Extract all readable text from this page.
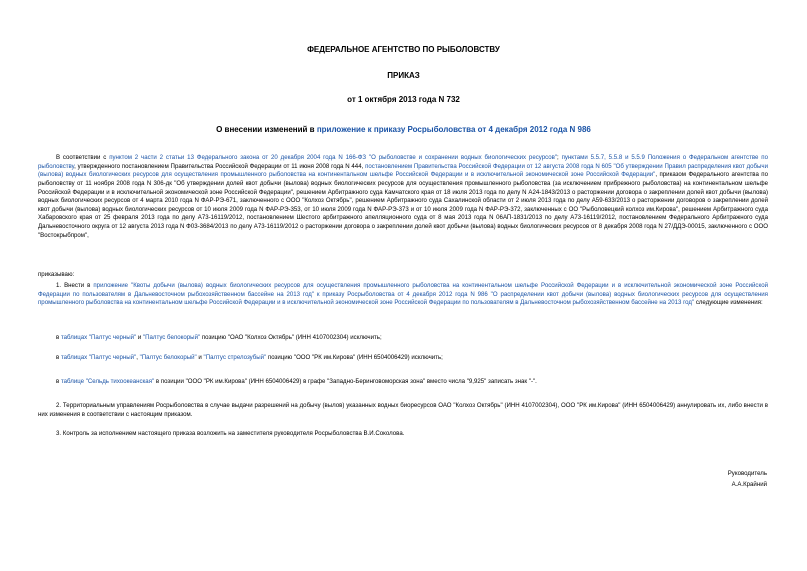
ФЕДЕРАЛЬНОЕ АГЕНТСТВО ПО РЫБОЛОВСТВУ
ПРИКАЗ
от 1 октября 2013 года N 732
О внесении изменений в приложение к приказу Росрыболовства от 4 декабря 2012 года N 986

В соответствии с пунктом 2 части 2 статьи 13 Федерального закона от 20 декабря 2004 года N 166-ФЗ "О рыболовстве и сохранении водных биологических ресурсов"; пунктами 5.5.7, 5.5.8 и 5.5.9 Положения о Федеральном агентстве по рыболовству, утвержденного постановлением Правительства Российской Федерации от 11 июня 2008 года N 444, постановлением Правительства Российской Федерации от 12 августа 2008 года N 605 "Об утверждении Правил распределения квот добычи (вылова) водных биологических ресурсов для осуществления промышленного рыболовства на континентальном шельфе Российской Федерации и в исключительной экономической зоне Российской Федерации", приказом Федерального агентства по рыболовству от 11 ноября 2008 года N 306-дк "Об утверждении долей квот добычи (вылова) водных биологических ресурсов для осуществления промышленного рыболовства (за исключением прибрежного рыболовства) на континентальном шельфе Российской Федерации и в исключительной экономической зоне Российской Федерации", решением Арбитражного суда Камчатского края от 18 июля 2013 года по делу N А24-1843/2013 о расторжении договора о закреплении долей квот добычи (вылова) водных биологических ресурсов от 4 марта 2010 года N ФАР-РЭ-671, заключенного с ООО "Колхоз Октябрь", решением Арбитражного суда Сахалинской области от 2 июля 2013 года по делу А59-633/2013 о расторжении договоров о закреплении долей квот добычи (вылова) водных биологических ресурсов от 10 июля 2009 года N ФАР-РЭ-353, от 10 июля 2009 года N ФАР-РЭ-373 и от 10 июля 2009 года N ФАР-РЭ-372, заключенных с ОО "Рыболовецкий колхоз им.Кирова", решением Арбитражного суда Хабаровского края от 25 февраля 2013 года по делу А73-16119/2012, постановлением Шестого арбитражного апелляционного суда от 8 мая 2013 года N 06АП-1831/2013 по делу А73-16119/2012, постановлением Федерального Арбитражного суда Дальневосточного округа от 12 августа 2013 года N Ф03-3684/2013 по делу А73-16119/2012 о расторжении договора о закреплении долей квот добычи (вылова) водных биологических ресурсов от 8 декабря 2008 года N 27/ДДЭ-00015, заключенного с ООО "Востокрыбпром",

приказываю:

1. Внести в приложение "Квоты добычи (вылова) водных биологических ресурсов для осуществления промышленного рыболовства на континентальном шельфе Российской Федерации и в исключительной экономической зоне Российской Федерации по пользователям в Дальневосточном рыбохозяйственном бассейне на 2013 год" к приказу Росрыболовства от 4 декабря 2012 года N 986 "О распределении квот добычи (вылова) водных биологических ресурсов для осуществления промышленного рыболовства на континентальном шельфе Российской Федерации и в исключительной экономической зоне Российской Федерации по пользователям в Дальневосточном рыбохозяйственном бассейне на 2013 год" следующие изменения:

в таблицах "Палтус черный" и "Палтус белокорый" позицию "ОАО "Колхоз Октябрь" (ИНН 4107002304) исключить;

в таблицах "Палтус черный", "Палтус белокорый" и "Палтус стрелозубый" позицию "ООО "РК им.Кирова" (ИНН 6504006429) исключить;

в таблице "Сельдь тихоокеанская" в позиции "ООО "РК им.Кирова" (ИНН 6504006429) в графе "Западно-Беринговоморская зона" вместо числа "9,925" записать знак "-".

2. Территориальным управлениям Росрыболовства в случае выдачи разрешений на добычу (вылов) указанных водных биоресурсов ОАО "Колхоз Октябрь" (ИНН 4107002304), ООО "РК им.Кирова" (ИНН 6504006429) аннулировать их, либо внести в них изменения в соответствии с настоящим приказом.

3. Контроль за исполнением настоящего приказа возложить на заместителя руководителя Росрыболовства В.И.Соколова.

Руководитель
А.А.Крайний
